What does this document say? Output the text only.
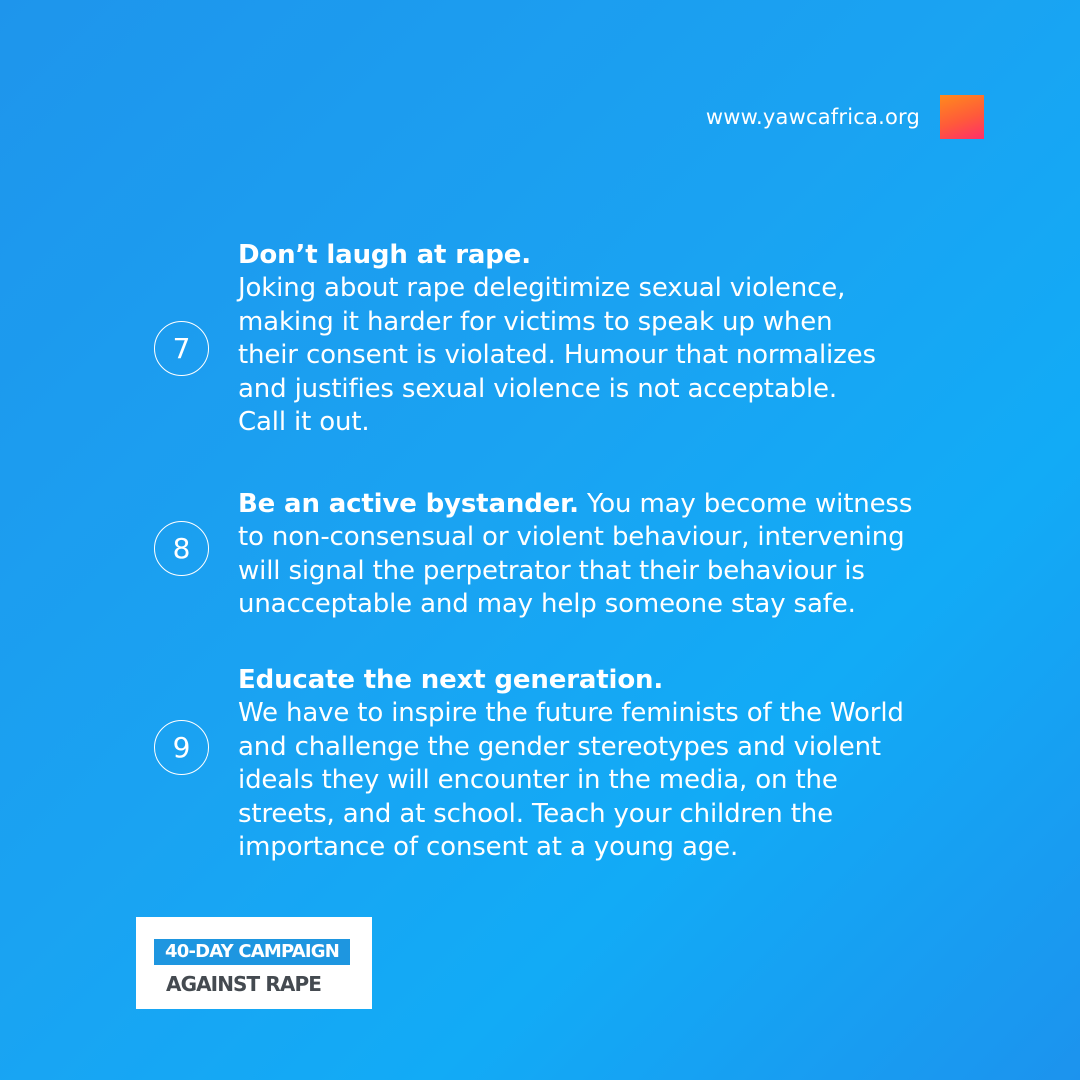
www.yawcafrica.org
7
Don’t laugh at rape.
Joking about rape delegitimize sexual violence,
making it harder for victims to speak up when
their consent is violated. Humour that normalizes
and justifies sexual violence is not acceptable.
Call it out.
8
Be an active bystander. You may become witness
to non-consensual or violent behaviour, intervening
will signal the perpetrator that their behaviour is
unacceptable and may help someone stay safe.
9
Educate the next generation.
We have to inspire the future feminists of the World
and challenge the gender stereotypes and violent
ideals they will encounter in the media, on the
streets, and at school. Teach your children the
importance of consent at a young age.
40-DAY CAMPAIGN
AGAINST RAPE
